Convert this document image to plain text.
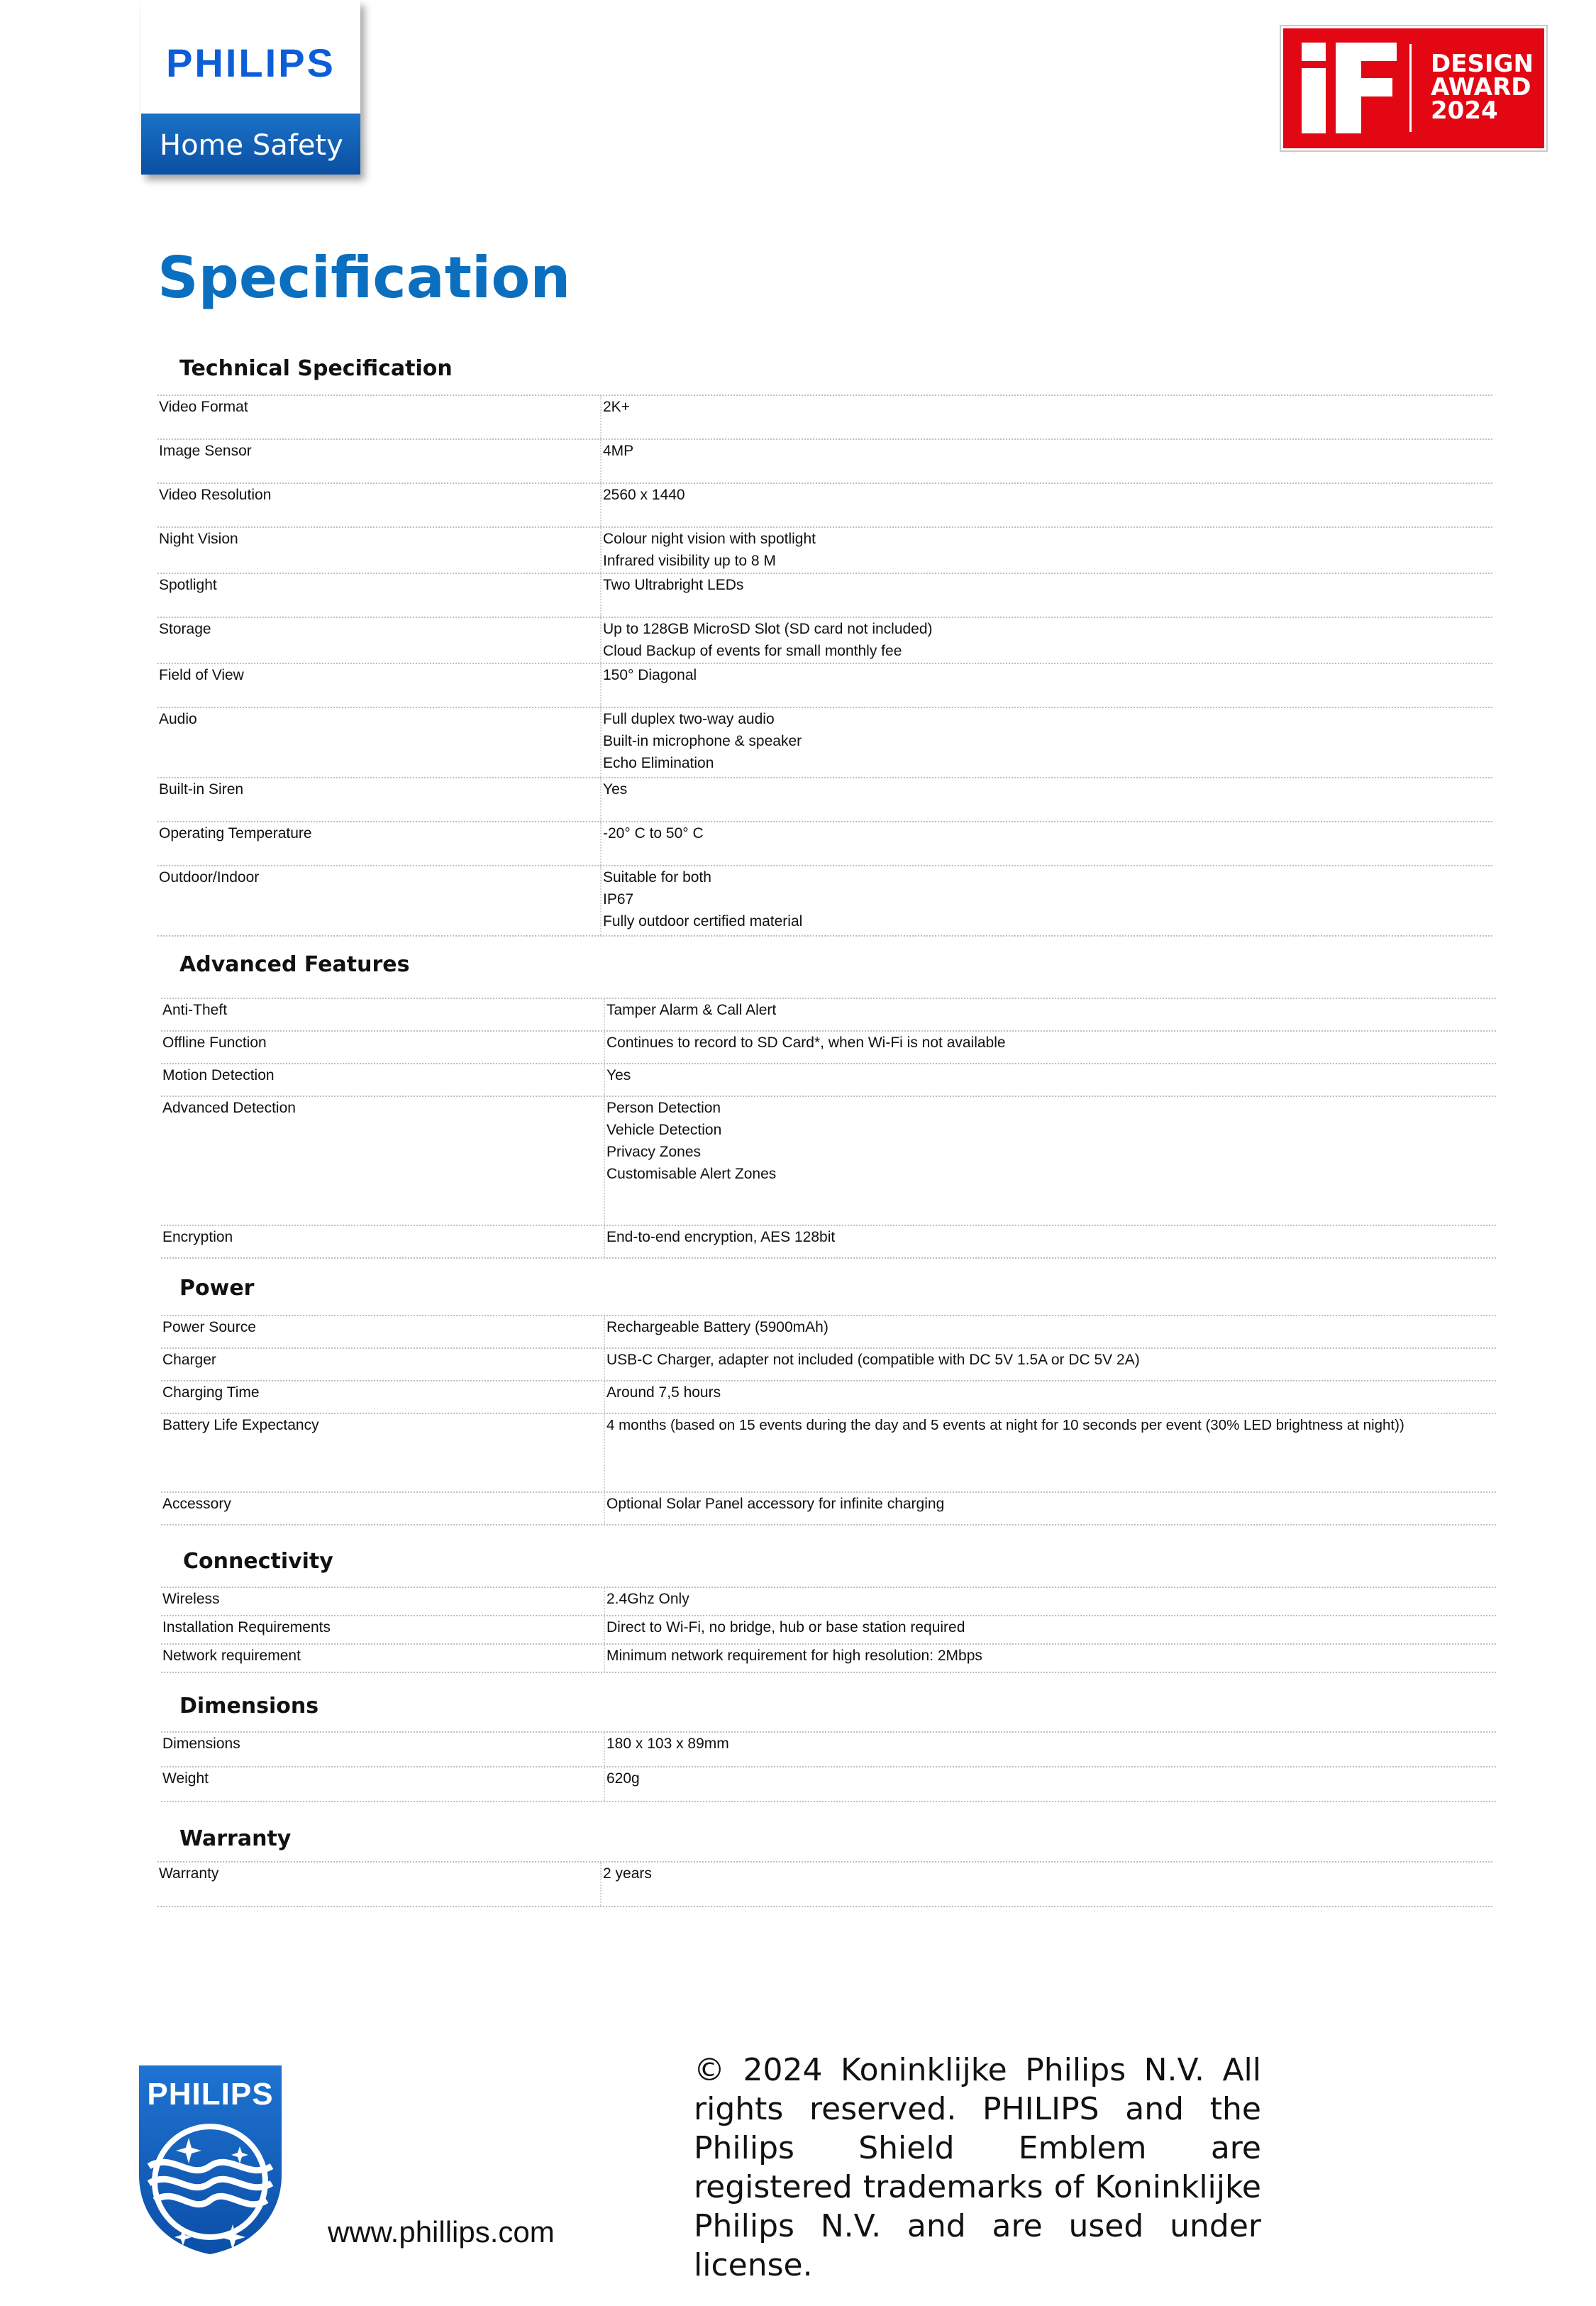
PHILIPS
Home Safety
DESIGN
AWARD
2024
Specification
Technical Specification
Video Format	2K+
Image Sensor	4MP
Video Resolution	2560 x 1440
Night Vision	Colour night vision with spotlight
Infrared visibility up to 8 M
Spotlight	Two Ultrabright LEDs
Storage	Up to 128GB MicroSD Slot (SD card not included)
Cloud Backup of events for small monthly fee
Field of View	150° Diagonal
Audio	Full duplex two-way audio
Built-in microphone & speaker
Echo Elimination
Built-in Siren	Yes
Operating Temperature	-20° C to 50° C
Outdoor/Indoor	Suitable for both
IP67
Fully outdoor certified material
Advanced Features
Anti-Theft	Tamper Alarm & Call Alert
Offline Function	Continues to record to SD Card*, when Wi-Fi is not available
Motion Detection	Yes
Advanced Detection	Person Detection
Vehicle Detection
Privacy Zones
Customisable Alert Zones
Encryption	End-to-end encryption, AES 128bit
Power
Power Source	Rechargeable Battery (5900mAh)
Charger	USB-C Charger, adapter not included (compatible with DC 5V 1.5A or DC 5V 2A)
Charging Time	Around 7,5 hours
Battery Life Expectancy	4 months (based on 15 events during the day and 5 events at night for 10 seconds per event (30% LED brightness at night))
Accessory	Optional Solar Panel accessory for infinite charging
Connectivity
Wireless	2.4Ghz Only
Installation Requirements	Direct to Wi-Fi, no bridge, hub or base station required
Network requirement	Minimum network requirement for high resolution: 2Mbps
Dimensions
Dimensions	180 x 103 x 89mm
Weight	620g
Warranty
Warranty	2 years
PHILIPS
www.phillips.com
© 2024 Koninklijke Philips N.V. All rights reserved. PHILIPS and the Philips Shield Emblem are registered trademarks of Koninklijke Philips N.V. and are used under license.
